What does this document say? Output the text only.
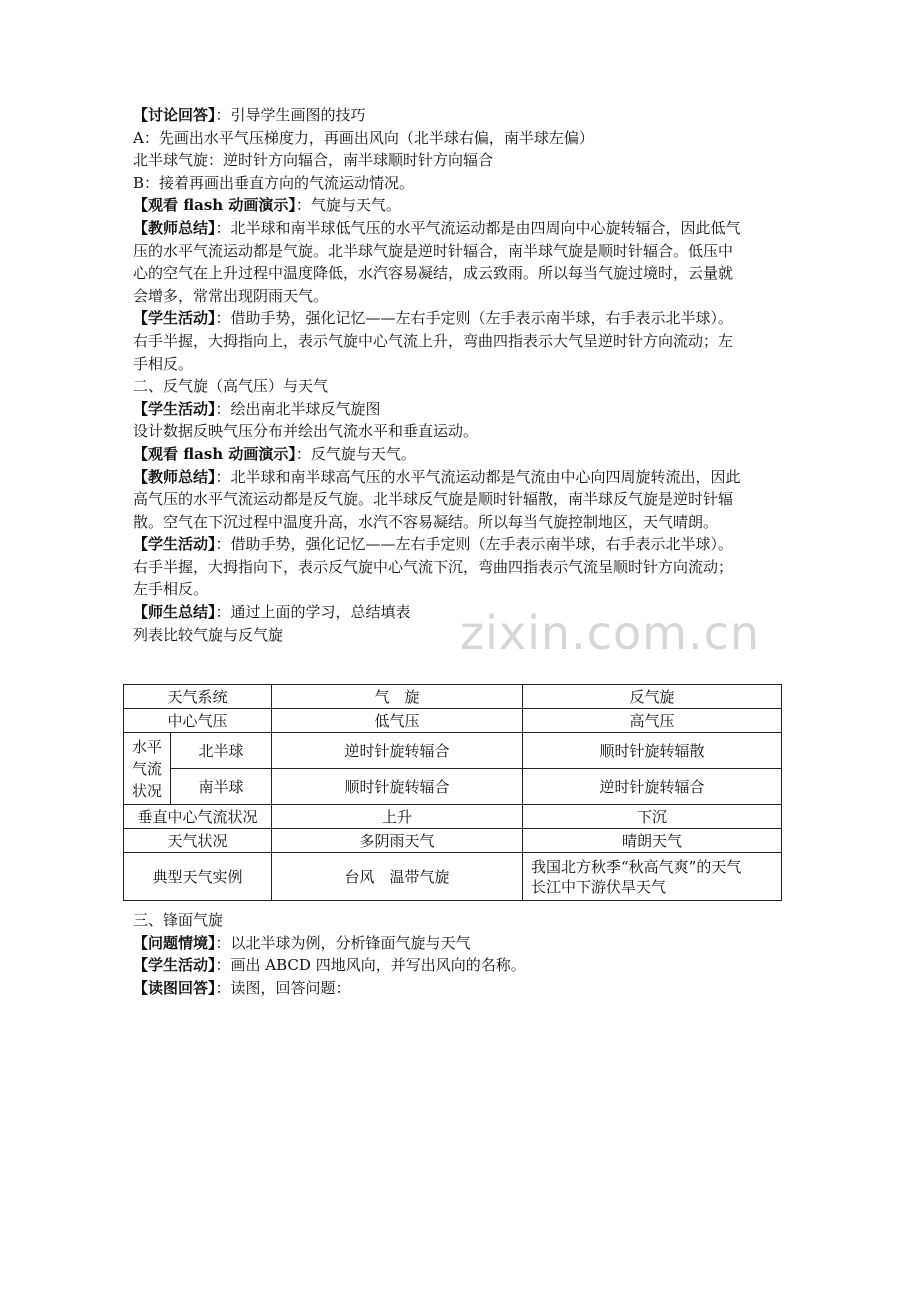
【讨论回答】：引导学生画图的技巧

A：先画出水平气压梯度力，再画出风向（北半球右偏，南半球左偏）

北半球气旋：逆时针方向辐合，南半球顺时针方向辐合

B：接着再画出垂直方向的气流运动情况。

【观看 flash 动画演示】：气旋与天气。

【教师总结】：北半球和南半球低气压的水平气流运动都是由四周向中心旋转辐合，因此低气

压的水平气流运动都是气旋。北半球气旋是逆时针辐合，南半球气旋是顺时针辐合。低压中

心的空气在上升过程中温度降低，水汽容易凝结，成云致雨。所以每当气旋过境时，云量就

会增多，常常出现阴雨天气。

【学生活动】：借助手势，强化记忆——左右手定则（左手表示南半球，右手表示北半球）。

右手半握，大拇指向上，表示气旋中心气流上升，弯曲四指表示大气呈逆时针方向流动；左

手相反。

二、反气旋（高气压）与天气

【学生活动】：绘出南北半球反气旋图

设计数据反映气压分布并绘出气流水平和垂直运动。

【观看 flash 动画演示】：反气旋与天气。

【教师总结】：北半球和南半球高气压的水平气流运动都是气流由中心向四周旋转流出，因此

高气压的水平气流运动都是反气旋。北半球反气旋是顺时针辐散，南半球反气旋是逆时针辐

散。空气在下沉过程中温度升高，水汽不容易凝结。所以每当气旋控制地区，天气晴朗。

【学生活动】：借助手势，强化记忆——左右手定则（左手表示南半球，右手表示北半球）。

右手半握，大拇指向下，表示反气旋中心气流下沉，弯曲四指表示气流呈顺时针方向流动；

左手相反。

【师生总结】：通过上面的学习，总结填表

列表比较气旋与反气旋	zixin.com.cn
天气系统		气　旋	反气旋
中心气压		低气压	高气压
水平气流状况	北半球	逆时针旋转辐合	顺时针旋转辐散
	南半球	顺时针旋转辐合	逆时针旋转辐合
垂直中心气流状况		上升	下沉
天气状况		多阴雨天气	晴朗天气
典型天气实例		台风　温带气旋	我国北方秋季“秋高气爽”的天气
长江中下游伏旱天气

三、锋面气旋

【问题情境】：以北半球为例，分析锋面气旋与天气

【学生活动】：画出 ABCD 四地风向，并写出风向的名称。

【读图回答】：读图，回答问题：
